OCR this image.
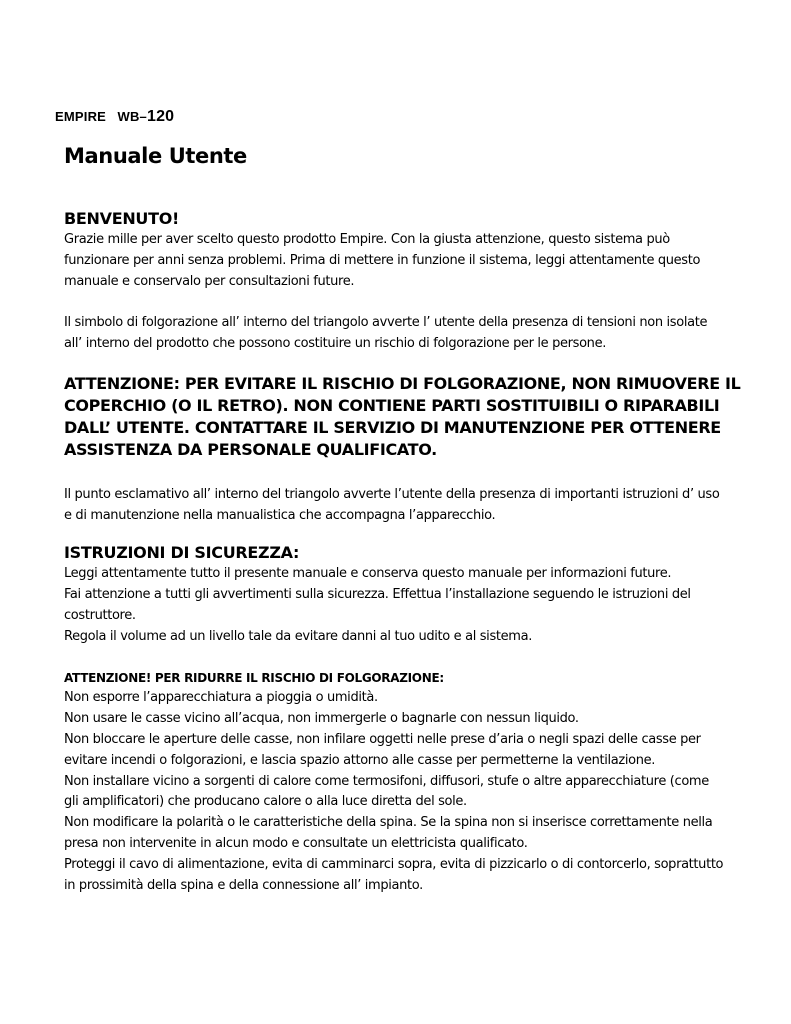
EMPIRE WB–120
Manuale Utente
BENVENUTO!

Grazie mille per aver scelto questo prodotto Empire. Con la giusta attenzione, questo sistema può
funzionare per anni senza problemi. Prima di mettere in funzione il sistema, leggi attentamente questo
manuale e conservalo per consultazioni future.

Il simbolo di folgorazione all’ interno del triangolo avverte l’ utente della presenza di tensioni non isolate
all’ interno del prodotto che possono costituire un rischio di folgorazione per le persone.

ATTENZIONE: PER EVITARE IL RISCHIO DI FOLGORAZIONE, NON RIMUOVERE IL
COPERCHIO (O IL RETRO). NON CONTIENE PARTI SOSTITUIBILI O RIPARABILI
DALL’ UTENTE. CONTATTARE IL SERVIZIO DI MANUTENZIONE PER OTTENERE
ASSISTENZA DA PERSONALE QUALIFICATO.

Il punto esclamativo all’ interno del triangolo avverte l’utente della presenza di importanti istruzioni d’ uso
e di manutenzione nella manualistica che accompagna l’apparecchio.

ISTRUZIONI DI SICUREZZA:

Leggi attentamente tutto il presente manuale e conserva questo manuale per informazioni future.
Fai attenzione a tutti gli avvertimenti sulla sicurezza. Effettua l’installazione seguendo le istruzioni del
costruttore.
Regola il volume ad un livello tale da evitare danni al tuo udito e al sistema.

ATTENZIONE! PER RIDURRE IL RISCHIO DI FOLGORAZIONE:

Non esporre l’apparecchiatura a pioggia o umidità.
Non usare le casse vicino all’acqua, non immergerle o bagnarle con nessun liquido.
Non bloccare le aperture delle casse, non infilare oggetti nelle prese d’aria o negli spazi delle casse per
evitare incendi o folgorazioni, e lascia spazio attorno alle casse per permetterne la ventilazione.
Non installare vicino a sorgenti di calore come termosifoni, diffusori, stufe o altre apparecchiature (come
gli amplificatori) che producano calore o alla luce diretta del sole.
Non modificare la polarità o le caratteristiche della spina. Se la spina non si inserisce correttamente nella
presa non intervenite in alcun modo e consultate un elettricista qualificato.
Proteggi il cavo di alimentazione, evita di camminarci sopra, evita di pizzicarlo o di contorcerlo, soprattutto
in prossimità della spina e della connessione all’ impianto.
